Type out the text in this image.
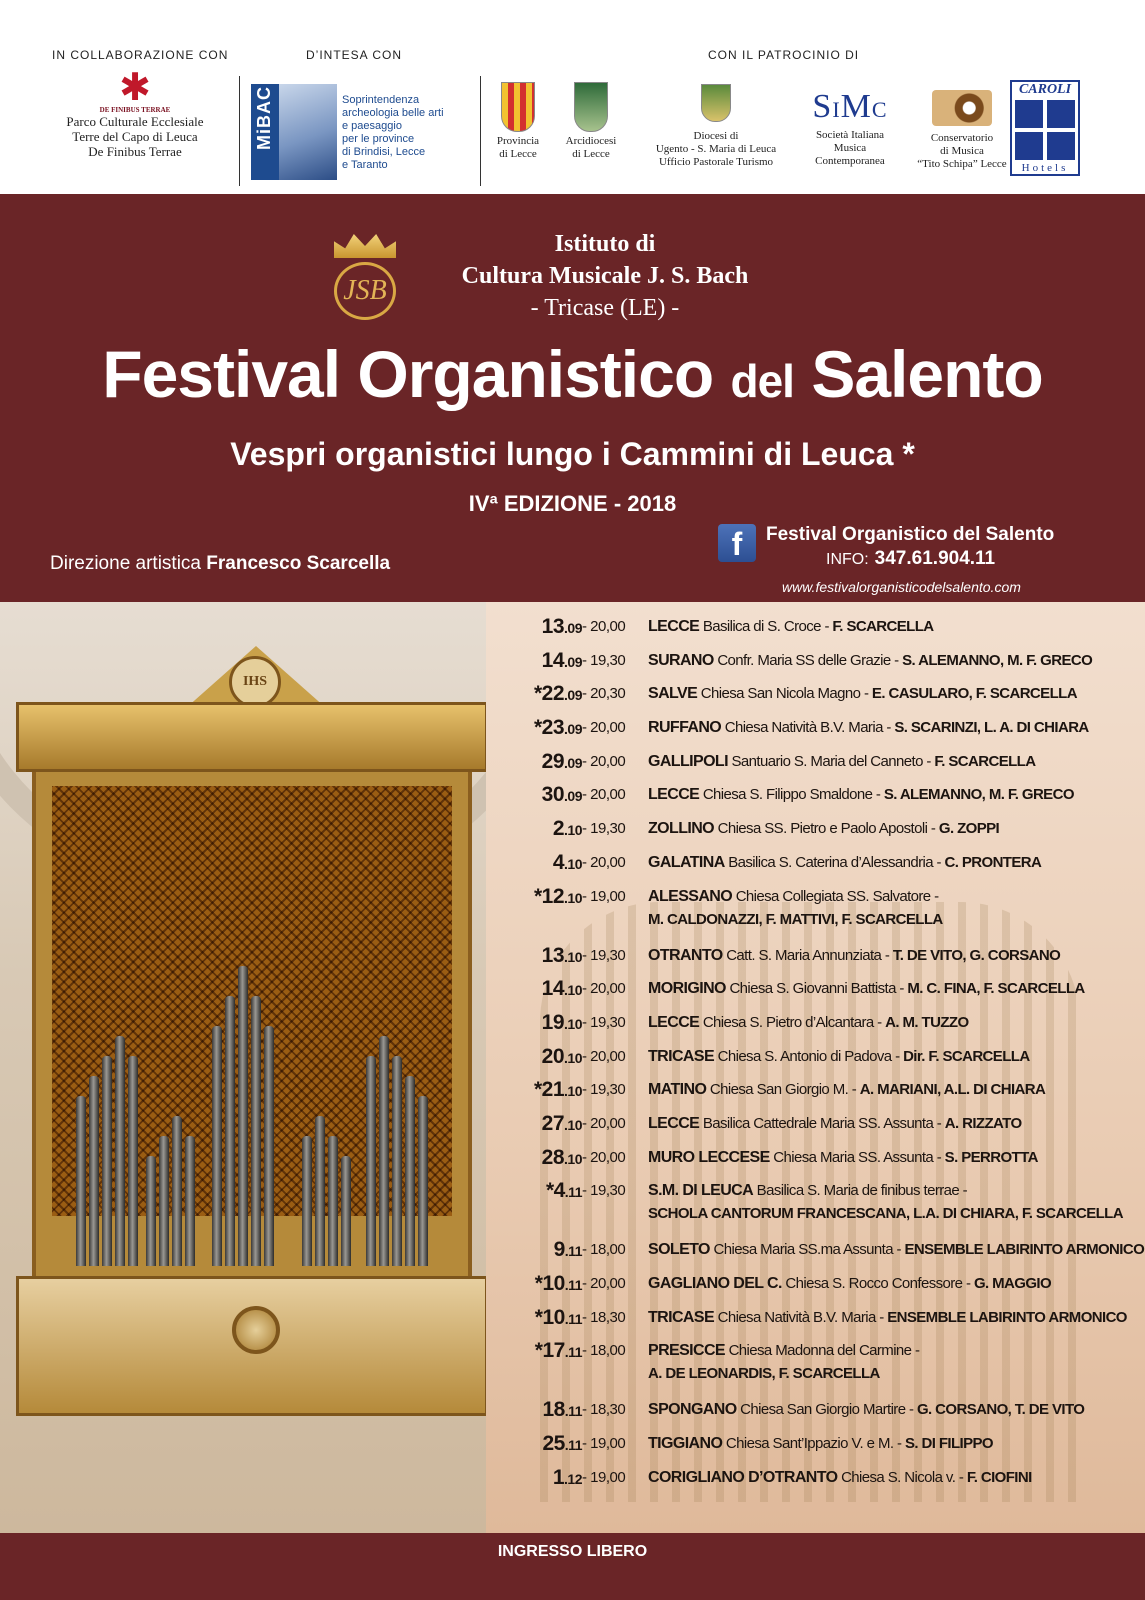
IN COLLABORAZIONE CON	D’INTESA CON	CON IL PATROCINIO DI
✱
DE FINIBUS TERRAE
Parco Culturale Ecclesiale
Terre del Capo di Leuca
De Finibus Terrae
MiBAC	Soprintendenza
archeologia belle arti
e paesaggio
per le province
di Brindisi, Lecce
e Taranto
Provincia
di Lecce
Arcidiocesi
di Lecce
Diocesi di
Ugento - S. Maria di Leuca
Ufficio Pastorale Turismo
SIMC
Società Italiana
Musica
Contemporanea
Conservatorio
di Musica
“Tito Schipa” Lecce
CAROLI
Hotels
JSB
Istituto di
Cultura Musicale J. S. Bach
- Tricase (LE) -
Festival Organistico del Salento
Vespri organistici lungo i Cammini di Leuca *
IVª EDIZIONE - 2018
Direzione artistica Francesco Scarcella
f	Festival Organistico del Salento
INFO: 347.61.904.11
www.festivalorganisticodelsalento.com
IHS
13.09 - 20,00	LECCE Basilica di S. Croce - F. SCARCELLA
14.09 - 19,30	SURANO Confr. Maria SS delle Grazie - S. ALEMANNO, M. F. GRECO
*22.09 - 20,30	SALVE Chiesa San Nicola Magno - E. CASULARO, F. SCARCELLA
*23.09 - 20,00	RUFFANO Chiesa Natività B.V. Maria - S. SCARINZI, L. A. DI CHIARA
29.09 - 20,00	GALLIPOLI Santuario S. Maria del Canneto - F. SCARCELLA
30.09 - 20,00	LECCE Chiesa S. Filippo Smaldone - S. ALEMANNO, M. F. GRECO
2.10 - 19,30	ZOLLINO Chiesa SS. Pietro e Paolo Apostoli - G. ZOPPI
4.10 - 20,00	GALATINA Basilica S. Caterina d’Alessandria - C. PRONTERA
*12.10 - 19,00	ALESSANO Chiesa Collegiata SS. Salvatore -
M. CALDONAZZI, F. MATTIVI, F. SCARCELLA
13.10 - 19,30	OTRANTO Catt. S. Maria Annunziata - T. DE VITO, G. CORSANO
14.10 - 20,00	MORIGINO Chiesa S. Giovanni Battista - M. C. FINA, F. SCARCELLA
19.10 - 19,30	LECCE Chiesa S. Pietro d’Alcantara - A. M. TUZZO
20.10 - 20,00	TRICASE Chiesa S. Antonio di Padova - Dir. F. SCARCELLA
*21.10 - 19,30	MATINO Chiesa San Giorgio M. - A. MARIANI, A.L. DI CHIARA
27.10 - 20,00	LECCE Basilica Cattedrale Maria SS. Assunta - A. RIZZATO
28.10 - 20,00	MURO LECCESE Chiesa Maria SS. Assunta - S. PERROTTA
*4.11 - 19,30	S.M. DI LEUCA Basilica S. Maria de finibus terrae -
SCHOLA CANTORUM FRANCESCANA, L.A. DI CHIARA, F. SCARCELLA
9.11 - 18,00	SOLETO Chiesa Maria SS.ma Assunta - ENSEMBLE LABIRINTO ARMONICO
*10.11 - 20,00	GAGLIANO DEL C. Chiesa S. Rocco Confessore - G. MAGGIO
*10.11 - 18,30	TRICASE Chiesa Natività B.V. Maria - ENSEMBLE LABIRINTO ARMONICO
*17.11 - 18,00	PRESICCE Chiesa Madonna del Carmine -
A. DE LEONARDIS, F. SCARCELLA
18.11 - 18,30	SPONGANO Chiesa San Giorgio Martire - G. CORSANO, T. DE VITO
25.11 - 19,00	TIGGIANO Chiesa Sant’Ippazio V. e M. - S. DI FILIPPO
1.12 - 19,00	CORIGLIANO D’OTRANTO Chiesa S. Nicola v. - F. CIOFINI
INGRESSO LIBERO
